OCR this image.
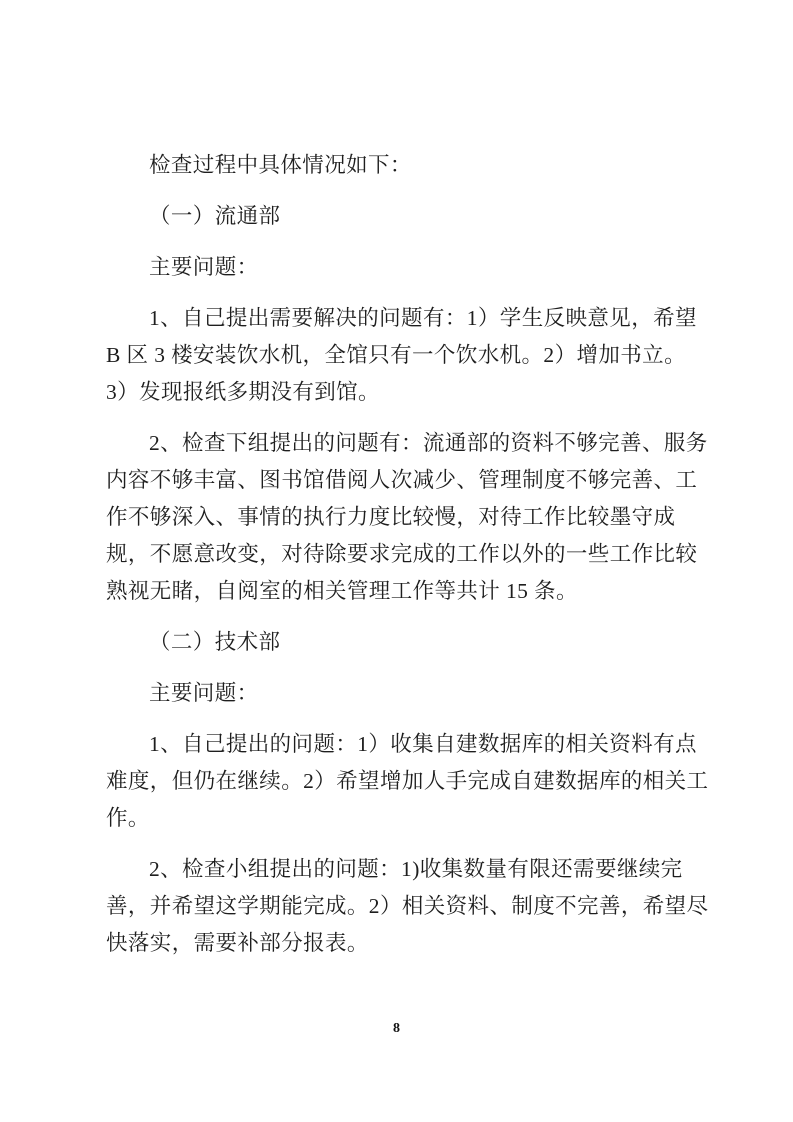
检查过程中具体情况如下：
（一）流通部
主要问题：
1、自己提出需要解决的问题有：1）学生反映意见，希望
B 区 3 楼安装饮水机，全馆只有一个饮水机。2）增加书立。
3）发现报纸多期没有到馆。
2、检查下组提出的问题有：流通部的资料不够完善、服务
内容不够丰富、图书馆借阅人次减少、管理制度不够完善、工
作不够深入、事情的执行力度比较慢，对待工作比较墨守成
规，不愿意改变，对待除要求完成的工作以外的一些工作比较
熟视无睹，自阅室的相关管理工作等共计 15 条。
（二）技术部
主要问题：
1、自己提出的问题：1）收集自建数据库的相关资料有点
难度，但仍在继续。2）希望增加人手完成自建数据库的相关工
作。
2、检查小组提出的问题：1)收集数量有限还需要继续完
善，并希望这学期能完成。2）相关资料、制度不完善，希望尽
快落实，需要补部分报表。
8
